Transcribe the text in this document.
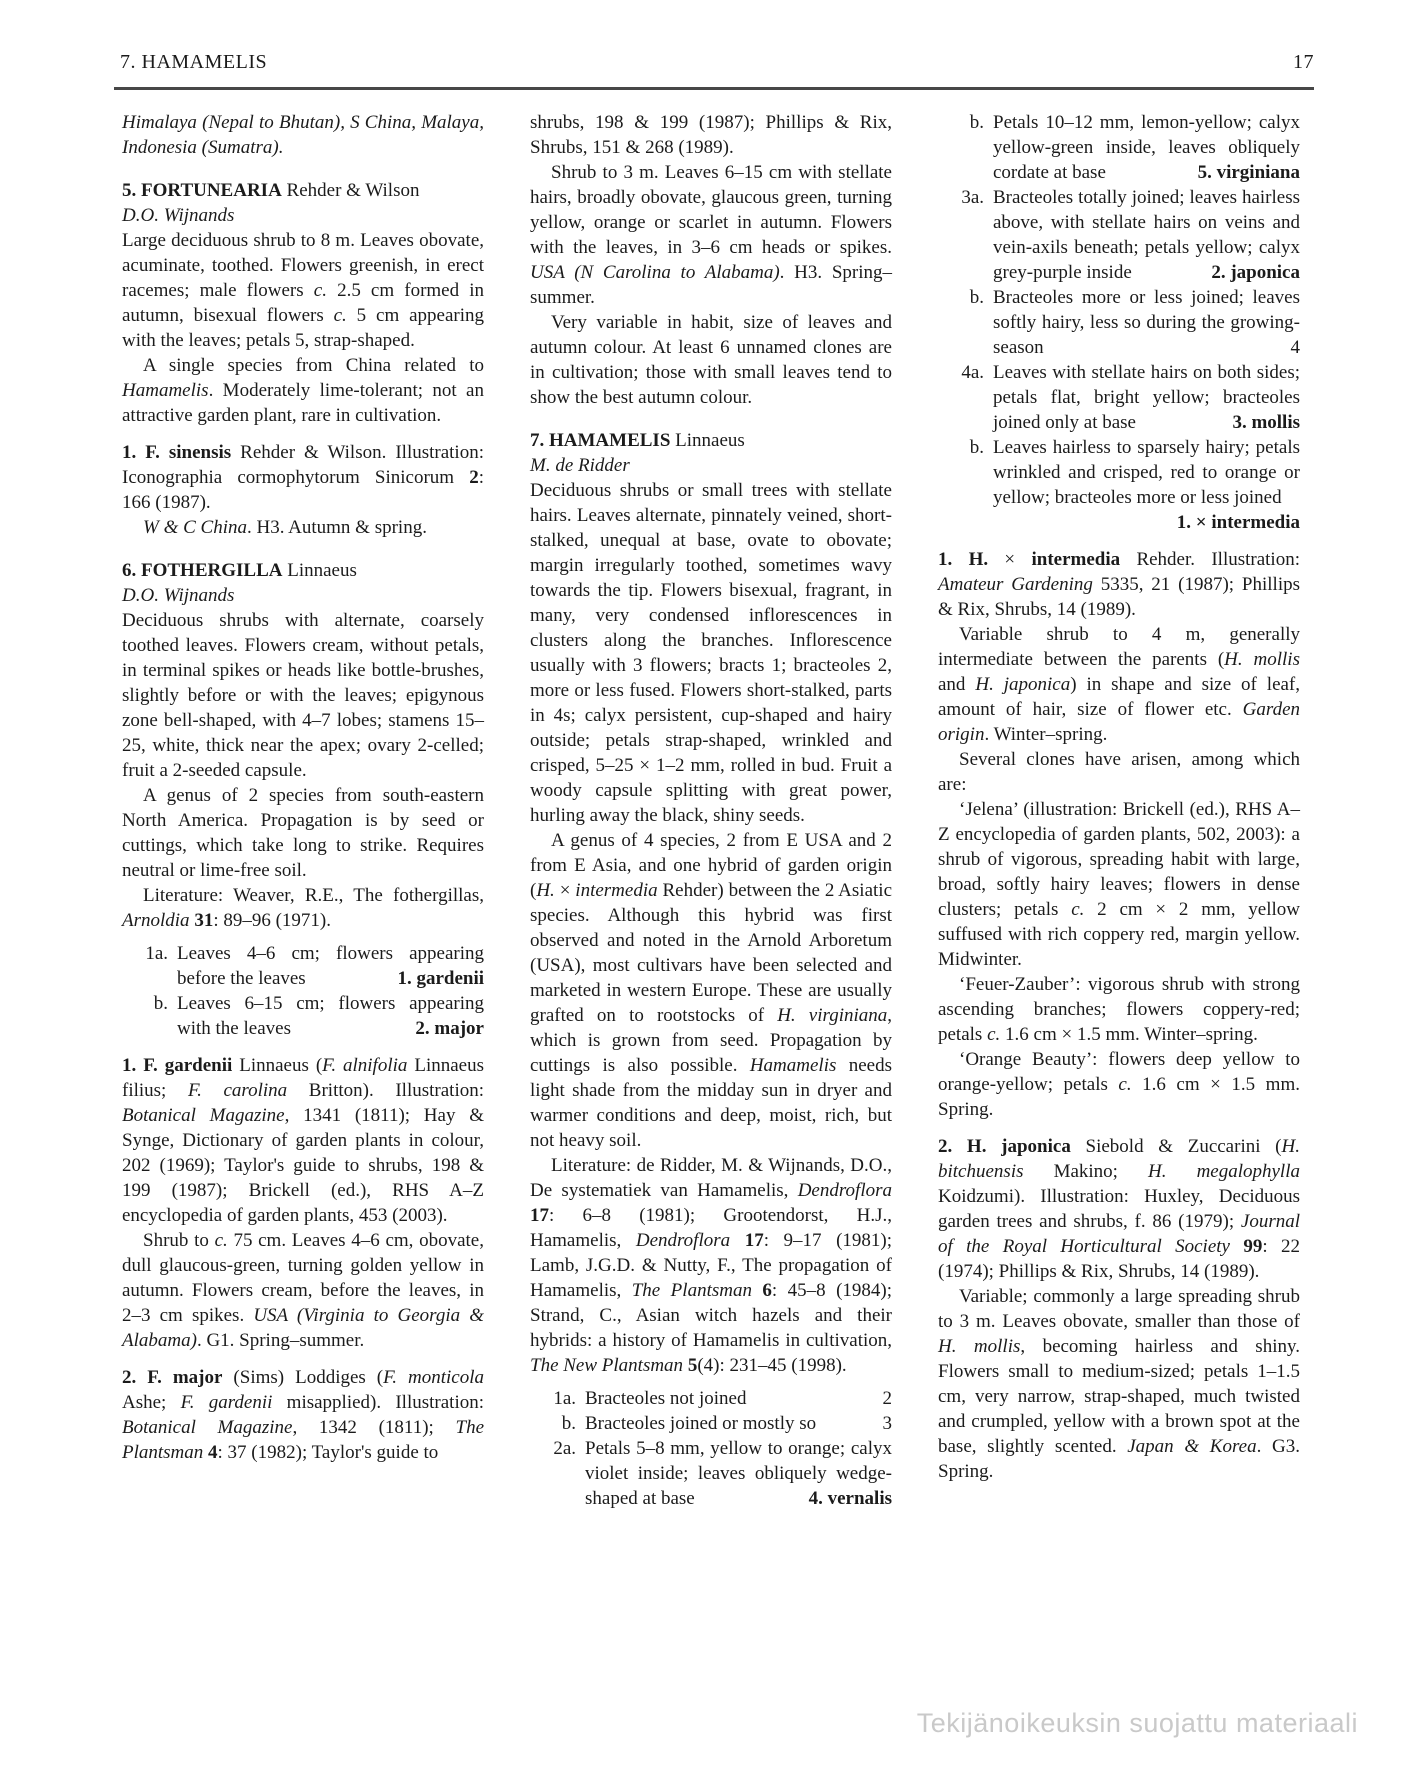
7. HAMAMELIS	17

Himalaya (Nepal to Bhutan), S China, Malaya, Indonesia (Sumatra).

5. FORTUNEARIA Rehder & Wilson

D.O. Wijnands

Large deciduous shrub to 8 m. Leaves obovate, acuminate, toothed. Flowers greenish, in erect racemes; male flowers c. 2.5 cm formed in autumn, bisexual flowers c. 5 cm appearing with the leaves; petals 5, strap-shaped.

A single species from China related to Hamamelis. Moderately lime-tolerant; not an attractive garden plant, rare in cultivation.

1. F. sinensis Rehder & Wilson. Illustration: Iconographia cormophytorum Sinicorum 2: 166 (1987).

W & C China. H3. Autumn & spring.

6. FOTHERGILLA Linnaeus

D.O. Wijnands

Deciduous shrubs with alternate, coarsely toothed leaves. Flowers cream, without petals, in terminal spikes or heads like bottle-brushes, slightly before or with the leaves; epigynous zone bell-shaped, with 4–7 lobes; stamens 15–25, white, thick near the apex; ovary 2-celled; fruit a 2-seeded capsule.

A genus of 2 species from south-eastern North America. Propagation is by seed or cuttings, which take long to strike. Requires neutral or lime-free soil.

Literature: Weaver, R.E., The fothergillas, Arnoldia 31: 89–96 (1971).

1a. Leaves 4–6 cm; flowers appearing before the leaves	1. gardenii
b. Leaves 6–15 cm; flowers appearing with the leaves	2. major

1. F. gardenii Linnaeus (F. alnifolia Linnaeus filius; F. carolina Britton). Illustration: Botanical Magazine, 1341 (1811); Hay & Synge, Dictionary of garden plants in colour, 202 (1969); Taylor's guide to shrubs, 198 & 199 (1987); Brickell (ed.), RHS A–Z encyclopedia of garden plants, 453 (2003).

Shrub to c. 75 cm. Leaves 4–6 cm, obovate, dull glaucous-green, turning golden yellow in autumn. Flowers cream, before the leaves, in 2–3 cm spikes. USA (Virginia to Georgia & Alabama). G1. Spring–summer.

2. F. major (Sims) Loddiges (F. monticola Ashe; F. gardenii misapplied). Illustration: Botanical Magazine, 1342 (1811); The Plantsman 4: 37 (1982); Taylor's guide to

shrubs, 198 & 199 (1987); Phillips & Rix, Shrubs, 151 & 268 (1989).

Shrub to 3 m. Leaves 6–15 cm with stellate hairs, broadly obovate, glaucous green, turning yellow, orange or scarlet in autumn. Flowers with the leaves, in 3–6 cm heads or spikes. USA (N Carolina to Alabama). H3. Spring–summer.

Very variable in habit, size of leaves and autumn colour. At least 6 unnamed clones are in cultivation; those with small leaves tend to show the best autumn colour.

7. HAMAMELIS Linnaeus

M. de Ridder

Deciduous shrubs or small trees with stellate hairs. Leaves alternate, pinnately veined, short-stalked, unequal at base, ovate to obovate; margin irregularly toothed, sometimes wavy towards the tip. Flowers bisexual, fragrant, in many, very condensed inflorescences in clusters along the branches. Inflorescence usually with 3 flowers; bracts 1; bracteoles 2, more or less fused. Flowers short-stalked, parts in 4s; calyx persistent, cup-shaped and hairy outside; petals strap-shaped, wrinkled and crisped, 5–25 × 1–2 mm, rolled in bud. Fruit a woody capsule splitting with great power, hurling away the black, shiny seeds.

A genus of 4 species, 2 from E USA and 2 from E Asia, and one hybrid of garden origin (H. × intermedia Rehder) between the 2 Asiatic species. Although this hybrid was first observed and noted in the Arnold Arboretum (USA), most cultivars have been selected and marketed in western Europe. These are usually grafted on to rootstocks of H. virginiana, which is grown from seed. Propagation by cuttings is also possible. Hamamelis needs light shade from the midday sun in dryer and warmer conditions and deep, moist, rich, but not heavy soil.

Literature: de Ridder, M. & Wijnands, D.O., De systematiek van Hamamelis, Dendroflora 17: 6–8 (1981); Grootendorst, H.J., Hamamelis, Dendroflora 17: 9–17 (1981); Lamb, J.G.D. & Nutty, F., The propagation of Hamamelis, The Plantsman 6: 45–8 (1984); Strand, C., Asian witch hazels and their hybrids: a history of Hamamelis in cultivation, The New Plantsman 5(4): 231–45 (1998).

1a. Bracteoles not joined	2
b. Bracteoles joined or mostly so	3
2a. Petals 5–8 mm, yellow to orange; calyx violet inside; leaves obliquely wedge-shaped at base	4. vernalis
b. Petals 10–12 mm, lemon-yellow; calyx yellow-green inside, leaves obliquely cordate at base	5. virginiana
3a. Bracteoles totally joined; leaves hairless above, with stellate hairs on veins and vein-axils beneath; petals yellow; calyx grey-purple inside	2. japonica
b. Bracteoles more or less joined; leaves softly hairy, less so during the growing-season	4
4a. Leaves with stellate hairs on both sides; petals flat, bright yellow; bracteoles joined only at base	3. mollis
b. Leaves hairless to sparsely hairy; petals wrinkled and crisped, red to orange or yellow; bracteoles more or less joined
1. × intermedia

1. H. × intermedia Rehder. Illustration: Amateur Gardening 5335, 21 (1987); Phillips & Rix, Shrubs, 14 (1989).

Variable shrub to 4 m, generally intermediate between the parents (H. mollis and H. japonica) in shape and size of leaf, amount of hair, size of flower etc. Garden origin. Winter–spring.

Several clones have arisen, among which are:

‘Jelena’ (illustration: Brickell (ed.), RHS A–Z encyclopedia of garden plants, 502, 2003): a shrub of vigorous, spreading habit with large, broad, softly hairy leaves; flowers in dense clusters; petals c. 2 cm × 2 mm, yellow suffused with rich coppery red, margin yellow. Midwinter.

‘Feuer-Zauber’: vigorous shrub with strong ascending branches; flowers coppery-red; petals c. 1.6 cm × 1.5 mm. Winter–spring.

‘Orange Beauty’: flowers deep yellow to orange-yellow; petals c. 1.6 cm × 1.5 mm. Spring.

2. H. japonica Siebold & Zuccarini (H. bitchuensis Makino; H. megalophylla Koidzumi). Illustration: Huxley, Deciduous garden trees and shrubs, f. 86 (1979); Journal of the Royal Horticultural Society 99: 22 (1974); Phillips & Rix, Shrubs, 14 (1989).

Variable; commonly a large spreading shrub to 3 m. Leaves obovate, smaller than those of H. mollis, becoming hairless and shiny. Flowers small to medium-sized; petals 1–1.5 cm, very narrow, strap-shaped, much twisted and crumpled, yellow with a brown spot at the base, slightly scented. Japan & Korea. G3. Spring.

Tekijänoikeuksin suojattu materiaali
